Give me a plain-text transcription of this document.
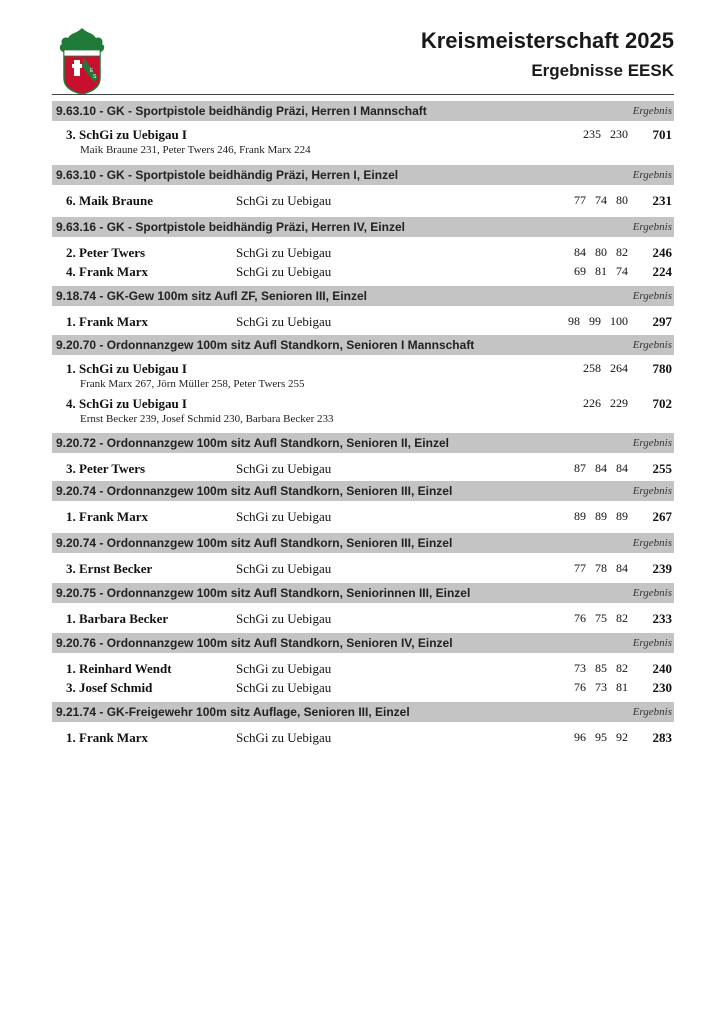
E
S
Kreismeisterschaft 2025
Ergebnisse EESK
9.63.10 - GK - Sportpistole beidhändig Präzi, Herren I Mannschaft	Ergebnis
3. SchGi zu Uebigau I	235 230 701
Maik Braune 231, Peter Twers 246, Frank Marx 224
9.63.10 - GK - Sportpistole beidhändig Präzi, Herren I, Einzel	Ergebnis
6. Maik Braune	SchGi zu Uebigau	77 74 80 231
9.63.16 - GK - Sportpistole beidhändig Präzi, Herren IV, Einzel	Ergebnis
2. Peter Twers	SchGi zu Uebigau	84 80 82 246
4. Frank Marx	SchGi zu Uebigau	69 81 74 224
9.18.74 - GK-Gew 100m sitz Aufl ZF, Senioren III, Einzel	Ergebnis
1. Frank Marx	SchGi zu Uebigau	98 99 100 297
9.20.70 - Ordonnanzgew 100m sitz Aufl Standkorn, Senioren I Mannschaft	Ergebnis
1. SchGi zu Uebigau I	258 264 780
Frank Marx 267, Jörn Müller 258, Peter Twers 255
4. SchGi zu Uebigau I	226 229 702
Ernst Becker 239, Josef Schmid 230, Barbara Becker 233
9.20.72 - Ordonnanzgew 100m sitz Aufl Standkorn, Senioren II, Einzel	Ergebnis
3. Peter Twers	SchGi zu Uebigau	87 84 84 255
9.20.74 - Ordonnanzgew 100m sitz Aufl Standkorn, Senioren III, Einzel	Ergebnis
1. Frank Marx	SchGi zu Uebigau	89 89 89 267
9.20.74 - Ordonnanzgew 100m sitz Aufl Standkorn, Senioren III, Einzel	Ergebnis
3. Ernst Becker	SchGi zu Uebigau	77 78 84 239
9.20.75 - Ordonnanzgew 100m sitz Aufl Standkorn, Seniorinnen III, Einzel	Ergebnis
1. Barbara Becker	SchGi zu Uebigau	76 75 82 233
9.20.76 - Ordonnanzgew 100m sitz Aufl Standkorn, Senioren IV, Einzel	Ergebnis
1. Reinhard Wendt	SchGi zu Uebigau	73 85 82 240
3. Josef Schmid	SchGi zu Uebigau	76 73 81 230
9.21.74 - GK-Freigewehr 100m sitz Auflage, Senioren III, Einzel	Ergebnis
1. Frank Marx	SchGi zu Uebigau	96 95 92 283
